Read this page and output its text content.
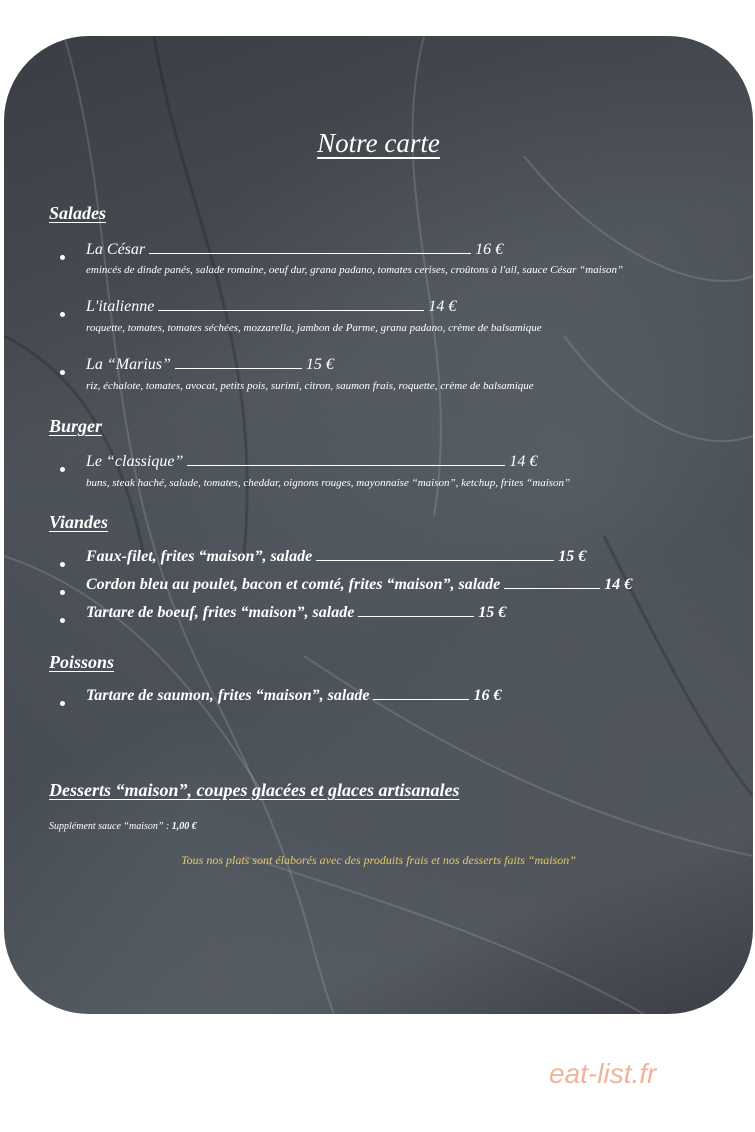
Notre carte
Salades
La César	16 €
emincés de dinde panés, salade romaine, oeuf dur, grana padano, tomates cerises, croûtons à l'ail, sauce César “maison”
L'italienne	14 €
roquette, tomates, tomates séchées, mozzarella, jambon de Parme, grana padano, crème de balsamique
La “Marius”	15 €
riz, échalote, tomates, avocat, petits pois, surimi, citron, saumon frais, roquette, crème de balsamique
Burger
Le “classique”	14 €
buns, steak haché, salade, tomates, cheddar, oignons rouges, mayonnaise “maison”, ketchup, frites “maison”
Viandes
Faux-filet, frites “maison”, salade	15 €
Cordon bleu au poulet, bacon et comté, frites “maison”, salade	14 €
Tartare de boeuf, frites “maison”, salade	15 €
Poissons
Tartare de saumon, frites “maison”, salade	16 €
Desserts “maison”, coupes glacées et glaces artisanales
Supplément sauce “maison” : 1,00 €
Tous nos plats sont élaborés avec des produits frais et nos desserts faits “maison”
eat-list.fr
